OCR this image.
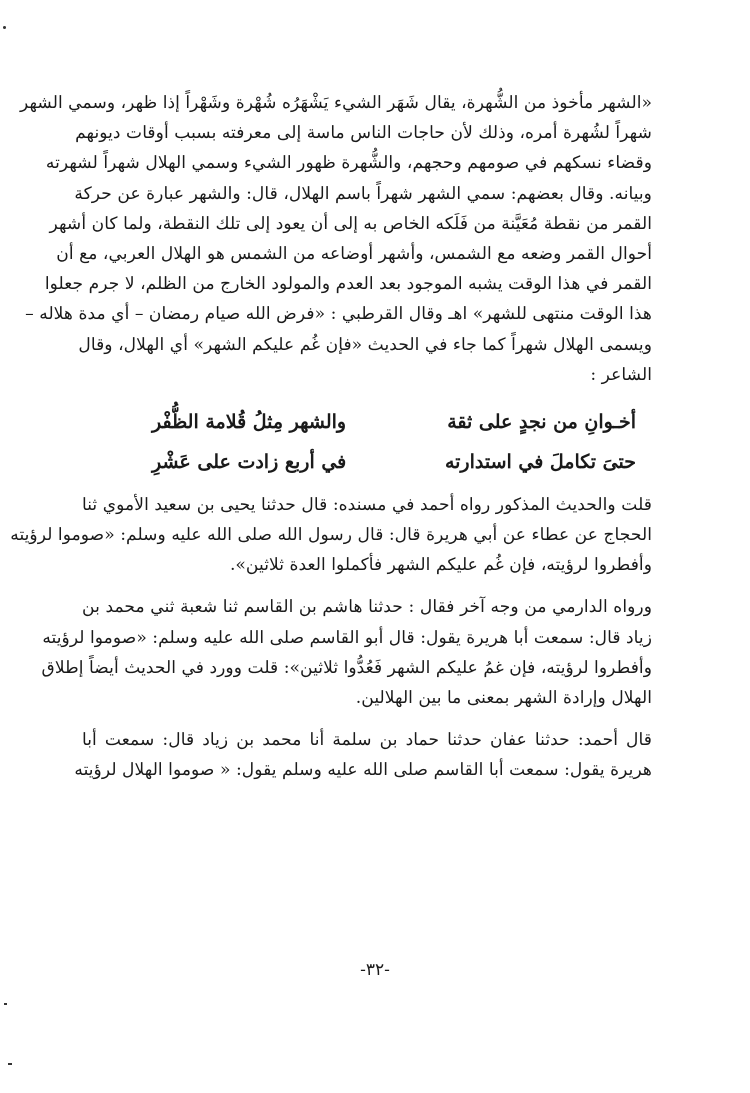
«الشهر مأخوذ من الشُّهرة، يقال شَهَر الشيء يَشْهَرُه شُهْرة وشَهْراً إذا ظهر، وسمي الشهر
شهراً لشُهرة أمره، وذلك لأن حاجات الناس ماسة إلى معرفته بسبب أوقات ديونهم
وقضاء نسكهم في صومهم وحجهم، والشُّهرة ظهور الشيء وسمي الهلال شهراً لشهرته
وبيانه. وقال بعضهم: سمي الشهر شهراً باسم الهلال، قال: والشهر عبارة عن حركة
القمر من نقطة مُعَيَّنة من فَلَكه الخاص به إلى أن يعود إلى تلك النقطة، ولما كان أشهر
أحوال القمر وضعه مع الشمس، وأشهر أوضاعه من الشمس هو الهلال العربي، مع أن
القمر في هذا الوقت يشبه الموجود بعد العدم والمولود الخارج من الظلم، لا جرم جعلوا
هذا الوقت منتهى للشهر» اهـ وقال القرطبي : «فرض الله صيام رمضان – أي مدة هلاله –
ويسمى الهلال شهراً كما جاء في الحديث «فإن غُم عليكم الشهر» أي الهلال، وقال
الشاعر :
أخـوانِ من نجدٍ على ثقة
والشهر مِثلُ قُلامة الظُّفْر
حتىَ تكاملَ في استدارته
في أربع زادت على عَشْرِ
قلت والحديث المذكور رواه أحمد في مسنده: قال حدثنا يحيى بن سعيد الأموي ثنا
الحجاج عن عطاء عن أبي هريرة قال: قال رسول الله صلى الله عليه وسلم: «صوموا لرؤيته
وأفطروا لرؤيته، فإن غُم عليكم الشهر فأكملوا العدة ثلاثين».
ورواه الدارمي من وجه آخر فقال : حدثنا هاشم بن القاسم ثنا شعبة ثني محمد بن
زياد قال: سمعت أبا هريرة يقول: قال أبو القاسم صلى الله عليه وسلم: «صوموا لرؤيته
وأفطروا لرؤيته، فإن غمُ عليكم الشهر فَعُدُّوا ثلاثين»: قلت وورد في الحديث أيضاً إطلاق
الهلال وإرادة الشهر بمعنى ما بين الهلالين.
قال أحمد: حدثنا عفان حدثنا حماد بن سلمة أنا محمد بن زياد قال: سمعت أبا
هريرة يقول: سمعت أبا القاسم صلى الله عليه وسلم يقول: « صوموا الهلال لرؤيته
-٣٢-
